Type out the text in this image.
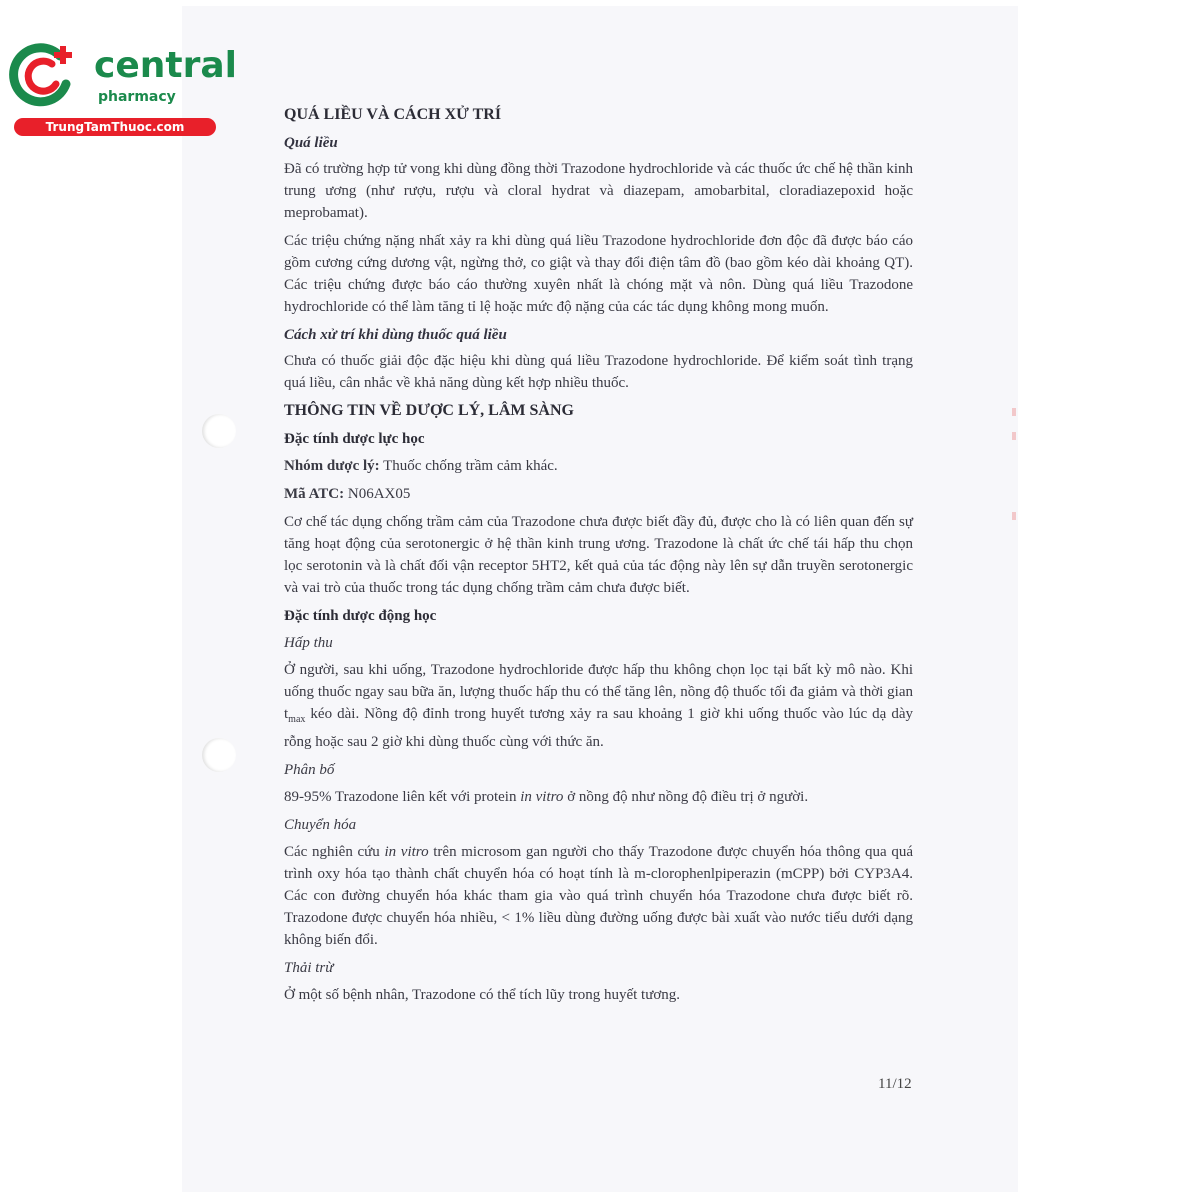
central
pharmacy
TrungTamThuoc.com

QUÁ LIỀU VÀ CÁCH XỬ TRÍ

Quá liều

Đã có trường hợp tử vong khi dùng đồng thời Trazodone hydrochloride và các thuốc ức chế hệ thần kinh trung ương (như rượu, rượu và cloral hydrat và diazepam, amobarbital, cloradiazepoxid hoặc meprobamat).

Các triệu chứng nặng nhất xảy ra khi dùng quá liều Trazodone hydrochloride đơn độc đã được báo cáo gồm cương cứng dương vật, ngừng thở, co giật và thay đổi điện tâm đồ (bao gồm kéo dài khoảng QT). Các triệu chứng được báo cáo thường xuyên nhất là chóng mặt và nôn. Dùng quá liều Trazodone hydrochloride có thể làm tăng tỉ lệ hoặc mức độ nặng của các tác dụng không mong muốn.

Cách xử trí khi dùng thuốc quá liều

Chưa có thuốc giải độc đặc hiệu khi dùng quá liều Trazodone hydrochloride. Để kiểm soát tình trạng quá liều, cân nhắc về khả năng dùng kết hợp nhiều thuốc.

THÔNG TIN VỀ DƯỢC LÝ, LÂM SÀNG

Đặc tính dược lực học

Nhóm dược lý: Thuốc chống trầm cảm khác.

Mã ATC: N06AX05

Cơ chế tác dụng chống trầm cảm của Trazodone chưa được biết đầy đủ, được cho là có liên quan đến sự tăng hoạt động của serotonergic ở hệ thần kinh trung ương. Trazodone là chất ức chế tái hấp thu chọn lọc serotonin và là chất đối vận receptor 5HT2, kết quả của tác động này lên sự dẫn truyền serotonergic và vai trò của thuốc trong tác dụng chống trầm cảm chưa được biết.

Đặc tính dược động học

Hấp thu

Ở người, sau khi uống, Trazodone hydrochloride được hấp thu không chọn lọc tại bất kỳ mô nào. Khi uống thuốc ngay sau bữa ăn, lượng thuốc hấp thu có thể tăng lên, nồng độ thuốc tối đa giảm và thời gian $t_{max}$ kéo dài. Nồng độ đỉnh trong huyết tương xảy ra sau khoảng 1 giờ khi uống thuốc vào lúc dạ dày rỗng hoặc sau 2 giờ khi dùng thuốc cùng với thức ăn.

Phân bố

89-95% Trazodone liên kết với protein in vitro ở nồng độ như nồng độ điều trị ở người.

Chuyển hóa

Các nghiên cứu in vitro trên microsom gan người cho thấy Trazodone được chuyển hóa thông qua quá trình oxy hóa tạo thành chất chuyển hóa có hoạt tính là m-clorophenlpiperazin (mCPP) bởi CYP3A4. Các con đường chuyển hóa khác tham gia vào quá trình chuyển hóa Trazodone chưa được biết rõ. Trazodone được chuyển hóa nhiều, < 1% liều dùng đường uống được bài xuất vào nước tiểu dưới dạng không biến đổi.

Thải trừ

Ở một số bệnh nhân, Trazodone có thể tích lũy trong huyết tương.

11/12
